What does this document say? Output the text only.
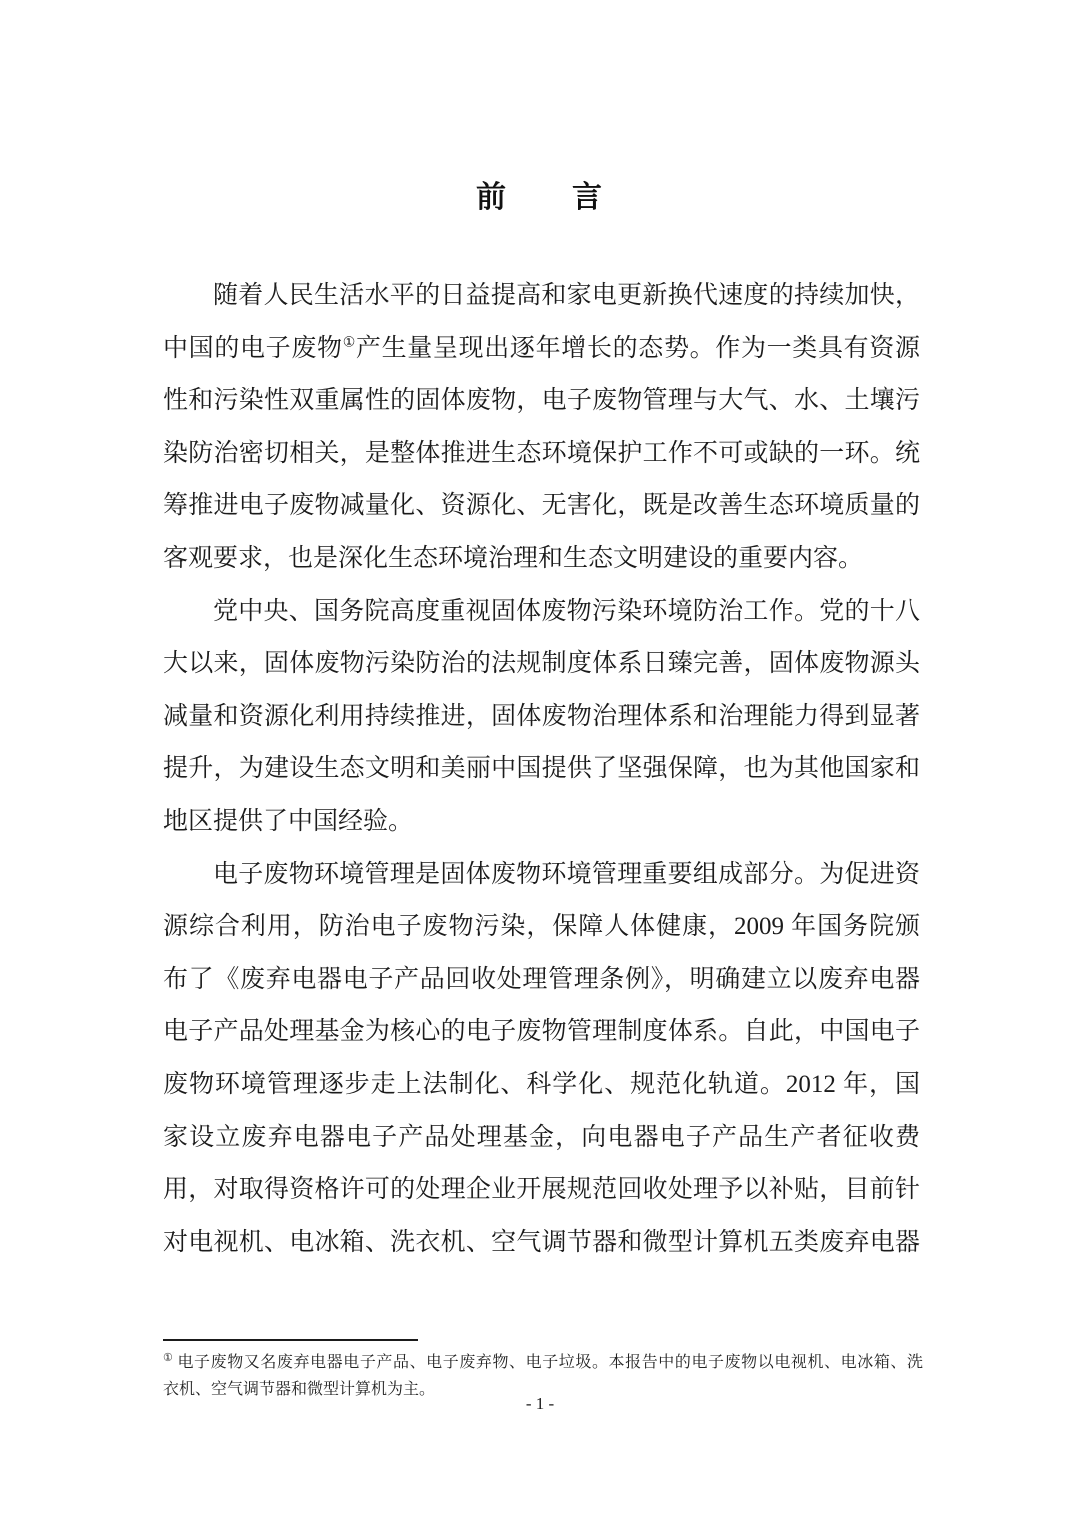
前　　言
随着人民生活水平的日益提高和家电更新换代速度的持续加快，
中国的电子废物①产生量呈现出逐年增长的态势。作为一类具有资源
性和污染性双重属性的固体废物，电子废物管理与大气、水、土壤污
染防治密切相关，是整体推进生态环境保护工作不可或缺的一环。统
筹推进电子废物减量化、资源化、无害化，既是改善生态环境质量的
客观要求，也是深化生态环境治理和生态文明建设的重要内容。
党中央、国务院高度重视固体废物污染环境防治工作。党的十八
大以来，固体废物污染防治的法规制度体系日臻完善，固体废物源头
减量和资源化利用持续推进，固体废物治理体系和治理能力得到显著
提升，为建设生态文明和美丽中国提供了坚强保障，也为其他国家和
地区提供了中国经验。
电子废物环境管理是固体废物环境管理重要组成部分。为促进资
源综合利用，防治电子废物污染，保障人体健康，2009 年国务院颁
布了《废弃电器电子产品回收处理管理条例》，明确建立以废弃电器
电子产品处理基金为核心的电子废物管理制度体系。自此，中国电子
废物环境管理逐步走上法制化、科学化、规范化轨道。2012 年，国
家设立废弃电器电子产品处理基金，向电器电子产品生产者征收费
用，对取得资格许可的处理企业开展规范回收处理予以补贴，目前针
对电视机、电冰箱、洗衣机、空气调节器和微型计算机五类废弃电器
① 电子废物又名废弃电器电子产品、电子废弃物、电子垃圾。本报告中的电子废物以电视机、电冰箱、洗
衣机、空气调节器和微型计算机为主。
- 1 -
